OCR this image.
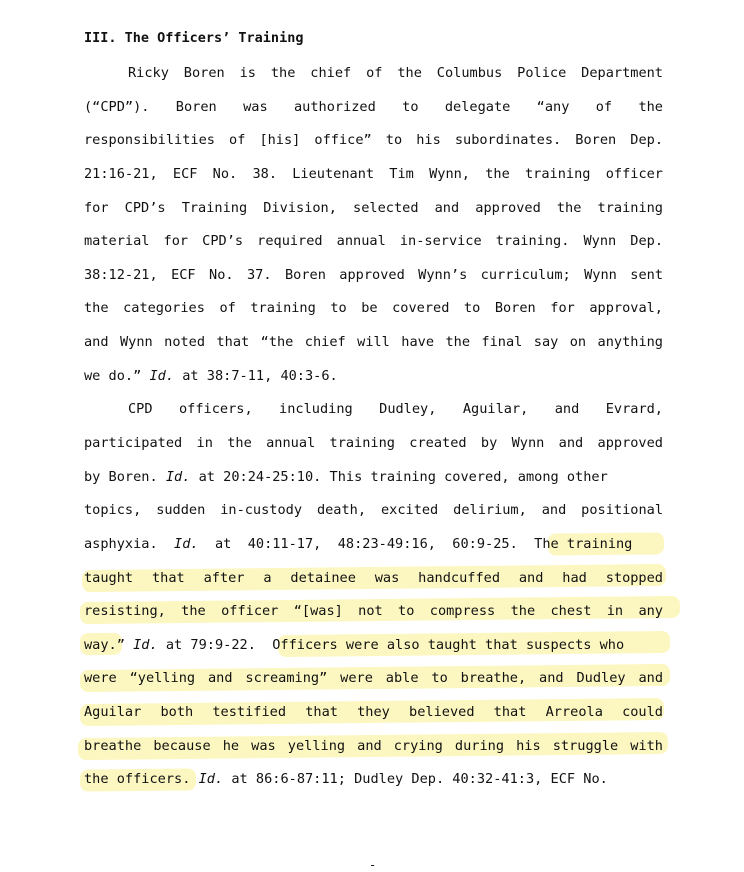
III. The Officers’ Training
Ricky Boren is the chief of the Columbus Police Department
(“CPD”). Boren was authorized to delegate “any of the
responsibilities of [his] office” to his subordinates. Boren Dep.
21:16-21, ECF No. 38. Lieutenant Tim Wynn, the training officer
for CPD’s Training Division, selected and approved the training
material for CPD’s required annual in-service training. Wynn Dep.
38:12-21, ECF No. 37. Boren approved Wynn’s curriculum; Wynn sent
the categories of training to be covered to Boren for approval,
and Wynn noted that “the chief will have the final say on anything
we do.” Id. at 38:7-11, 40:3-6.
CPD officers, including Dudley, Aguilar, and Evrard,
participated in the annual training created by Wynn and approved
by Boren. Id. at 20:24-25:10. This training covered, among other
topics, sudden in-custody death, excited delirium, and positional
asphyxia.  Id.  at  40:11-17,  48:23-49:16,  60:9-25.  The training
taught that after a detainee was handcuffed and had stopped
resisting, the officer “[was] not to compress the chest in any
way.” Id. at 79:9-22.  Officers were also taught that suspects who
were “yelling and screaming” were able to breathe, and Dudley and
Aguilar both testified that they believed that Arreola could
breathe because he was yelling and crying during his struggle with
the officers. Id. at 86:6-87:11; Dudley Dep. 40:32-41:3, ECF No.
-
